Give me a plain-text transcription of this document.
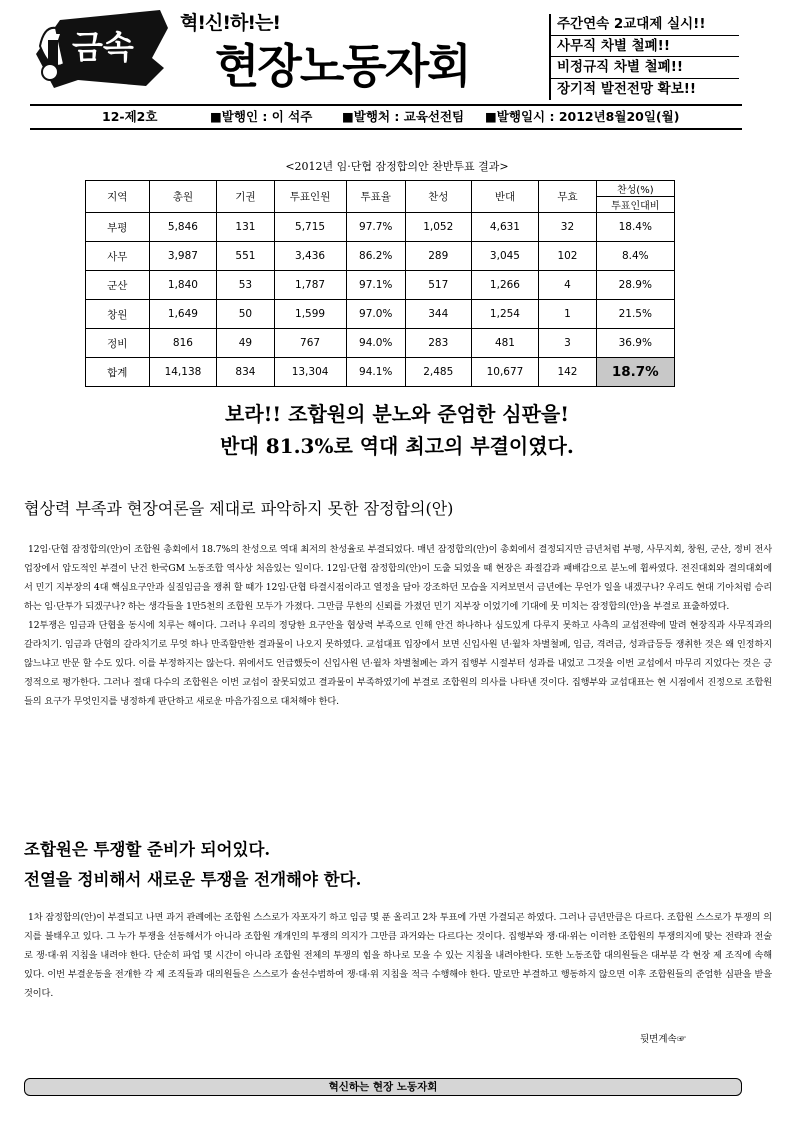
금속
혁!신!하!는!
현장노동자회
주간연속 2교대제 실시!!
사무직 차별 철폐!!
비정규직 차별 철폐!!
장기적 발전전망 확보!!
12-제2호	■발행인 : 이 석주 ■발행처 : 교육선전팀 ■발행일시 : 2012년8월20일(월)
<2012년 임·단협 잠정합의안 찬반투표 결과>
지역	총원	기권	투표인원	투표율	찬성	반대	무효	찬성(%)
								투표인대비
부평	5,846	131	5,715	97.7%	1,052	4,631	32	18.4%
사무	3,987	551	3,436	86.2%	289	3,045	102	8.4%
군산	1,840	53	1,787	97.1%	517	1,266	4	28.9%
창원	1,649	50	1,599	97.0%	344	1,254	1	21.5%
정비	816	49	767	94.0%	283	481	3	36.9%
합계	14,138	834	13,304	94.1%	2,485	10,677	142	18.7%
보라!! 조합원의 분노와 준엄한 심판을!
반대 81.3%로 역대 최고의 부결이였다.
협상력 부족과 현장여론을 제대로 파악하지 못한 잠정합의(안)

12임·단협 잠정합의(안)이 조합원 총회에서 18.7%의 찬성으로 역대 최저의 찬성율로 부결되었다. 매년 잠정합의(안)이 총회에서 결정되지만 금년처럼 부평, 사무지회, 창원, 군산, 정비 전사업장에서 압도적인 부결이 난건 한국GM 노동조합 역사상 처음있는 일이다. 12임·단협 잠정합의(안)이 도출 되었을 때 현장은 좌절감과 패배감으로 분노에 휩싸였다. 전진대회와 결의대회에서 민기 지부장의 4대 핵심요구안과 실질임금을 쟁취 할 때가 12임·단협 타결시점이라고 열정을 담아 강조하던 모습을 지켜보면서 금년에는 무언가 일을 내겠구나? 우리도 현대 기아처럼 승리하는 임·단투가 되겠구나? 하는 생각들을 1만5천의 조합원 모두가 가졌다. 그만큼 무한의 신뢰를 가졌던 민기 지부장 이었기에 기대에 못 미치는 잠정합의(안)을 부결로 표출하였다.

12투쟁은 임금과 단협을 동시에 치루는 해이다. 그러나 우리의 정당한 요구안을 협상력 부족으로 인해 안건 하나하나 심도있게 다루지 못하고 사측의 교섭전략에 말려 현장직과 사무직과의 갈라치기. 임금과 단협의 갈라치기로 무엇 하나 만족할만한 결과물이 나오지 못하였다. 교섭대표 입장에서 보면 신입사원 년·월차 차별철폐, 임금, 격려금, 성과급등등 쟁취한 것은 왜 인정하지 않느냐고 반문 할 수도 있다. 이를 부정하지는 않는다. 위에서도 언급했듯이 신입사원 년·월차 차별철폐는 과거 집행부 시절부터 성과를 내었고 그것을 이번 교섭에서 마무리 지었다는 것은 긍정적으로 평가한다. 그러나 절대 다수의 조합원은 이번 교섭이 잘못되었고 결과물이 부족하였기에 부결로 조합원의 의사를 나타낸 것이다. 집행부와 교섭대표는 현 시점에서 진정으로 조합원들의 요구가 무엇인지를 냉정하게 판단하고 새로운 마음가짐으로 대처해야 한다.

조합원은 투쟁할 준비가 되어있다.
전열을 정비해서 새로운 투쟁을 전개해야 한다.

1차 잠정합의(안)이 부결되고 나면 과거 관례에는 조합원 스스로가 자포자기 하고 임금 몇 푼 올리고 2차 투표에 가면 가결되곤 하였다. 그러나 금년만큼은 다르다. 조합원 스스로가 투쟁의 의지를 불태우고 있다. 그 누가 투쟁을 선동해서가 아니라 조합원 개개인의 투쟁의 의지가 그만큼 과거와는 다르다는 것이다. 집행부와 쟁·대·위는 이러한 조합원의 투쟁의지에 맞는 전략과 전술로 쟁·대·위 지침을 내려야 한다. 단순히 파업 몇 시간이 아니라 조합원 전체의 투쟁의 힘을 하나로 모을 수 있는 지침을 내려야한다. 또한 노동조합 대의원들은 대부분 각 현장 제 조직에 속해 있다. 이번 부결운동을 전개한 각 제 조직들과 대의원들은 스스로가 솔선수범하여 쟁·대·위 지침을 적극 수행해야 한다. 말로만 부결하고 행동하지 않으면 이후 조합원들의 준엄한 심판을 받을 것이다.

뒷면계속☞
혁신하는 현장 노동자회
